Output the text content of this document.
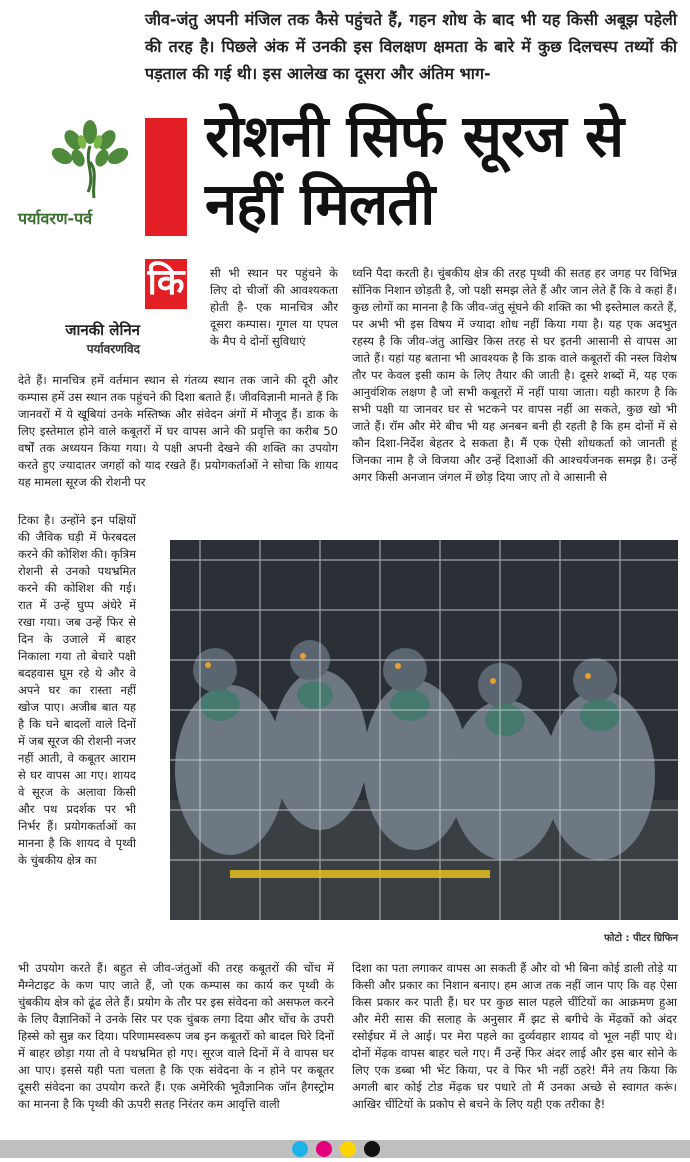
जीव-जंतु अपनी मंजिल तक कैसे पहुंचते हैं, गहन शोध के बाद भी यह किसी अबूझ पहेली की तरह है। पिछले अंक में उनकी इस विलक्षण क्षमता के बारे में कुछ दिलचस्प तथ्यों की पड़ताल की गई थी। इस आलेख का दूसरा और अंतिम भाग-
पर्यावरण-पर्व
रोशनी सिर्फ सूरज से नहीं मिलती
कि
जानकी लेनिन
पर्यावरणविद
सी भी स्थान पर पहुंचने के लिए दो चीजों की आवश्यकता होती है- एक मानचित्र और दूसरा कम्पास। गूगल या एपल के मैप ये दोनों सुविधाएं
देते हैं। मानचित्र हमें वर्तमान स्थान से गंतव्य स्थान तक जाने की दूरी और कम्पास हमें उस स्थान तक पहुंचने की दिशा बताते हैं। जीवविज्ञानी मानते हैं कि जानवरों में ये खूबियां उनके मस्तिष्क और संवेदन अंगों में मौजूद हैं। डाक के लिए इस्तेमाल होने वाले कबूतरों में घर वापस आने की प्रवृत्ति का करीब 50 वर्षों तक अध्ययन किया गया। ये पक्षी अपनी देखने की शक्ति का उपयोग करते हुए ज्यादातर जगहों को याद रखते हैं। प्रयोगकर्ताओं ने सोचा कि शायद यह मामला सूरज की रोशनी पर
टिका है। उन्होंने इन पक्षियों की जैविक घड़ी में फेरबदल करने की कोशिश की। कृत्रिम रोशनी से उनको पथभ्रमित करने की कोशिश की गई। रात में उन्हें घुप्प अंधेरे में रखा गया। जब उन्हें फिर से दिन के उजाले में बाहर निकाला गया तो बेचारे पक्षी बदहवास घूम रहे थे और वे अपने घर का रास्ता नहीं खोज पाए। अजीब बात यह है कि घने बादलों वाले दिनों में जब सूरज की रोशनी नजर नहीं आती, वे कबूतर आराम से घर वापस आ गए। शायद वे सूरज के अलावा किसी और पथ प्रदर्शक पर भी निर्भर हैं। प्रयोगकर्ताओं का मानना है कि शायद वे पृथ्वी के चुंबकीय क्षेत्र का
भी उपयोग करते हैं। बहुत से जीव-जंतुओं की तरह कबूतरों की चोंच में मैग्नेटाइट के कण पाए जाते हैं, जो एक कम्पास का कार्य कर पृथ्वी के चुंबकीय क्षेत्र को ढूंढ लेते हैं। प्रयोग के तौर पर इस संवेदना को असफल करने के लिए वैज्ञानिकों ने उनके सिर पर एक चुंबक लगा दिया और चोंच के उपरी हिस्से को सुन्न कर दिया। परिणामस्वरूप जब इन कबूतरों को बादल घिरे दिनों में बाहर छोड़ा गया तो वे पथभ्रमित हो गए। सूरज वाले दिनों में वे वापस घर आ पाए। इससे यही पता चलता है कि एक संवेदना के न होने पर कबूतर दूसरी संवेदना का उपयोग करते हैं। एक अमेरिकी भूवैज्ञानिक जॉन हैगस्ट्रोम का मानना है कि पृथ्वी की ऊपरी सतह निरंतर कम आवृत्ति वाली
ध्वनि पैदा करती है। चुंबकीय क्षेत्र की तरह पृथ्वी की सतह हर जगह पर विभिन्न सॉनिक निशान छोड़ती है, जो पक्षी समझ लेते हैं और जान लेते हैं कि वे कहां हैं। कुछ लोगों का मानना है कि जीव-जंतु सूंघने की शक्ति का भी इस्तेमाल करते हैं, पर अभी भी इस विषय में ज्यादा शोध नहीं किया गया है। यह एक अदभुत रहस्य है कि जीव-जंतु आखिर किस तरह से घर इतनी आसानी से वापस आ जाते हैं। यहां यह बताना भी आवश्यक है कि डाक वाले कबूतरों की नस्ल विशेष तौर पर केवल इसी काम के लिए तैयार की जाती है। दूसरे शब्दों में, यह एक आनुवंशिक लक्षण है जो सभी कबूतरों में नहीं पाया जाता। यही कारण है कि सभी पक्षी या जानवर घर से भटकने पर वापस नहीं आ सकते, कुछ खो भी जाते हैं। रॉम और मेरे बीच भी यह अनबन बनी ही रहती है कि हम दोनों में से कौन दिशा-निर्देश बेहतर दे सकता है। मैं एक ऐसी शोधकर्ता को जानती हूं जिनका नाम है जे विजया और उन्हें दिशाओं की आश्चर्यजनक समझ है। उन्हें अगर किसी अनजान जंगल में छोड़ दिया जाए तो वे आसानी से
दिशा का पता लगाकर वापस आ सकती हैं और वो भी बिना कोई डाली तोड़े या किसी और प्रकार का निशान बनाए। हम आज तक नहीं जान पाए कि वह ऐसा किस प्रकार कर पाती हैं। घर पर कुछ साल पहले चींटियों का आक्रमण हुआ और मेरी सास की सलाह के अनुसार मैं झट से बगीचे के मेंढ़कों को अंदर रसोईघर में ले आई। पर मेरा पहले का दुर्व्यवहार शायद वो भूल नहीं पाए थे। दोनों मेंढ़क वापस बाहर चले गए। मैं उन्हें फिर अंदर लाई और इस बार सोने के लिए एक डब्बा भी भेंट किया, पर वे फिर भी नहीं ठहरे! मैंने तय किया कि अगली बार कोई टोड मेंढ़क घर पधारे तो मैं उनका अच्छे से स्वागत करूं। आखिर चींटियों के प्रकोप से बचने के लिए यही एक तरीका है!
फोटो : पीटर ग्रिफिन
